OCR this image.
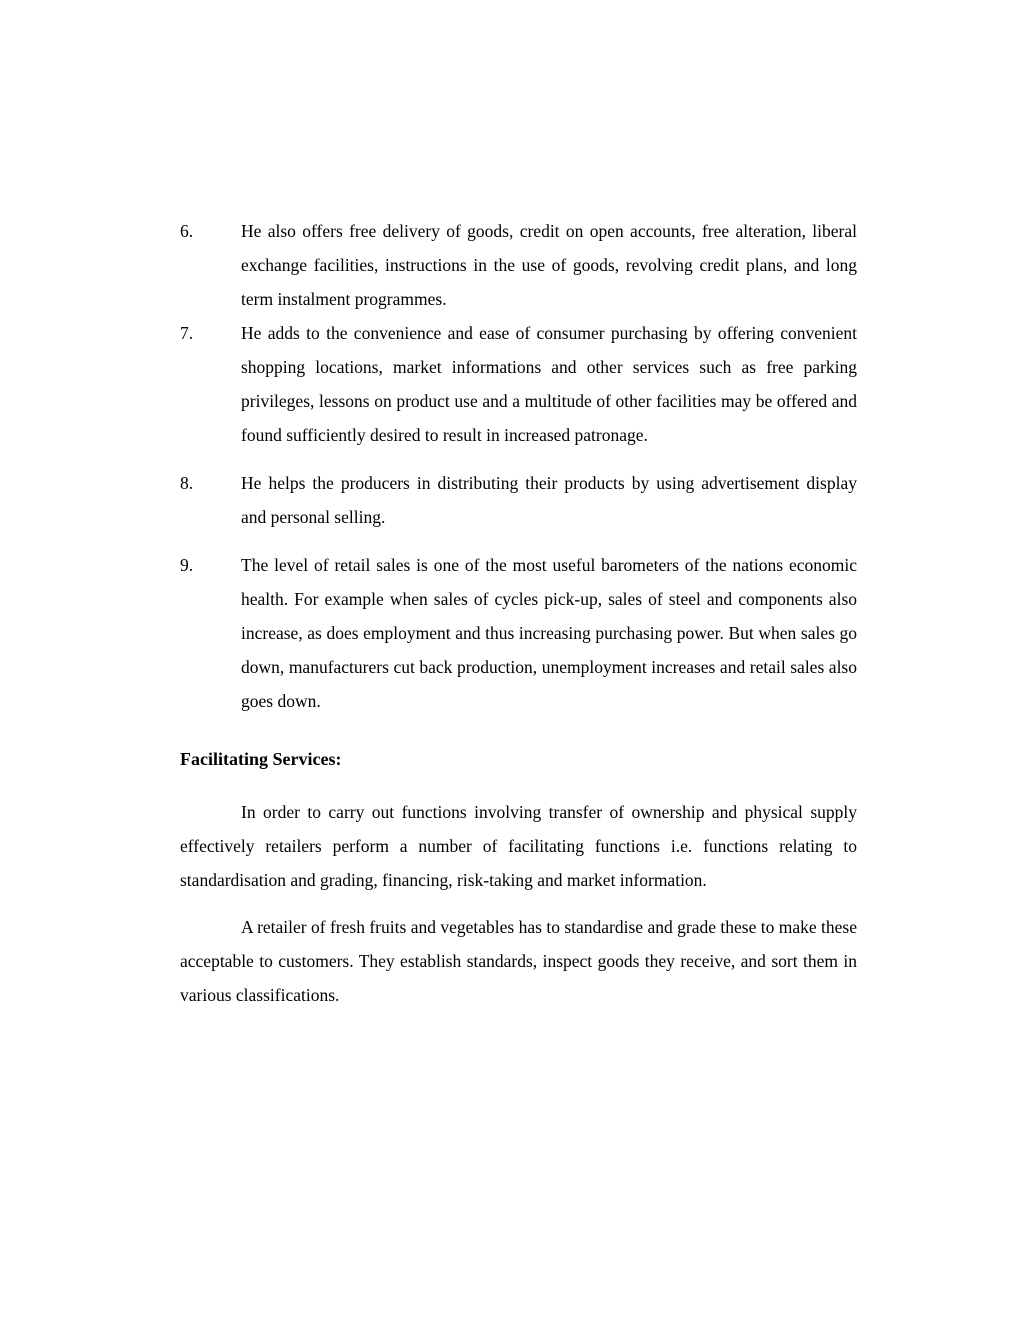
6.	He also offers free delivery of goods, credit on open accounts, free alteration, liberal exchange facilities, instructions in the use of goods, revolving credit plans, and long term instalment programmes.
7.	He adds to the convenience and ease of consumer purchasing by offering convenient shopping locations, market informations and other services such as free parking privileges, lessons on product use and a multitude of other facilities may be offered and found sufficiently desired to result in increased patronage.
8.	He helps the producers in distributing their products by using advertisement display and personal selling.
9.	The level of retail sales is one of the most useful barometers of the nations economic health. For example when sales of cycles pick-up, sales of steel and components also increase, as does employment and thus increasing purchasing power. But when sales go down, manufacturers cut back production, unemployment increases and retail sales also goes down.
Facilitating Services:

In order to carry out functions involving transfer of ownership and physical supply effectively retailers perform a number of facilitating functions i.e. functions relating to standardisation and grading, financing, risk-taking and market information.

A retailer of fresh fruits and vegetables has to standardise and grade these to make these acceptable to customers. They establish standards, inspect goods they receive, and sort them in various classifications.
